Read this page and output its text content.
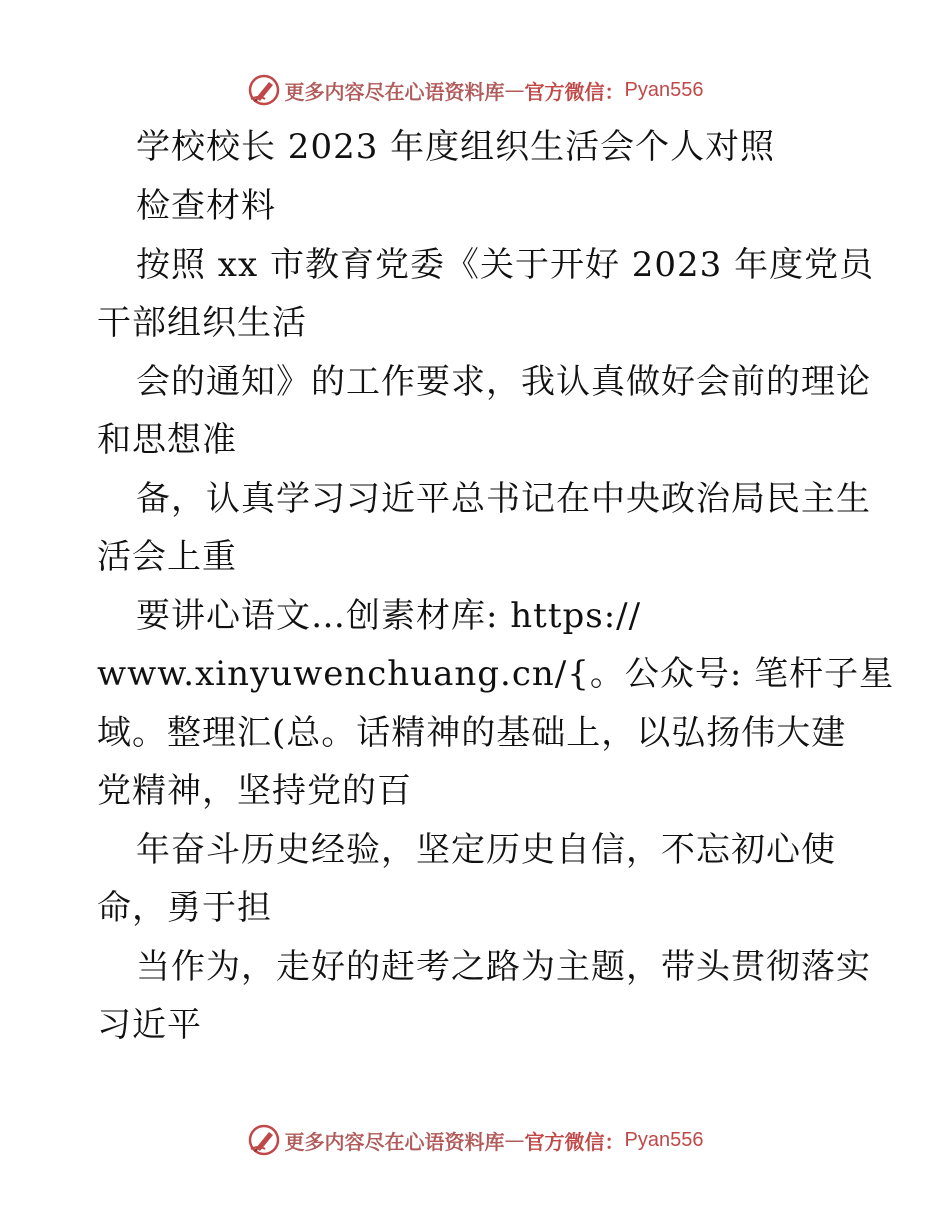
更多内容尽在心语资料库 — 官方微信： Pyan556
学校校长 2023 年度组织生活会个人对照
检查材料
按照 xx 市教育党委《关于开好 2023 年度党员
干部组织生活
会的通知》的工作要求，我认真做好会前的理论
和思想准
备，认真学习习近平总书记在中央政治局民主生
活会上重
要讲心语文…创素材库: https://
www.xinyuwenchuang.cn/{。公众号: 笔杆子星
域。整理汇(总。话精神的基础上，以弘扬伟大建
党精神，坚持党的百
年奋斗历史经验，坚定历史自信，不忘初心使
命，勇于担
当作为，走好的赶考之路为主题，带头贯彻落实
习近平
更多内容尽在心语资料库 — 官方微信： Pyan556
